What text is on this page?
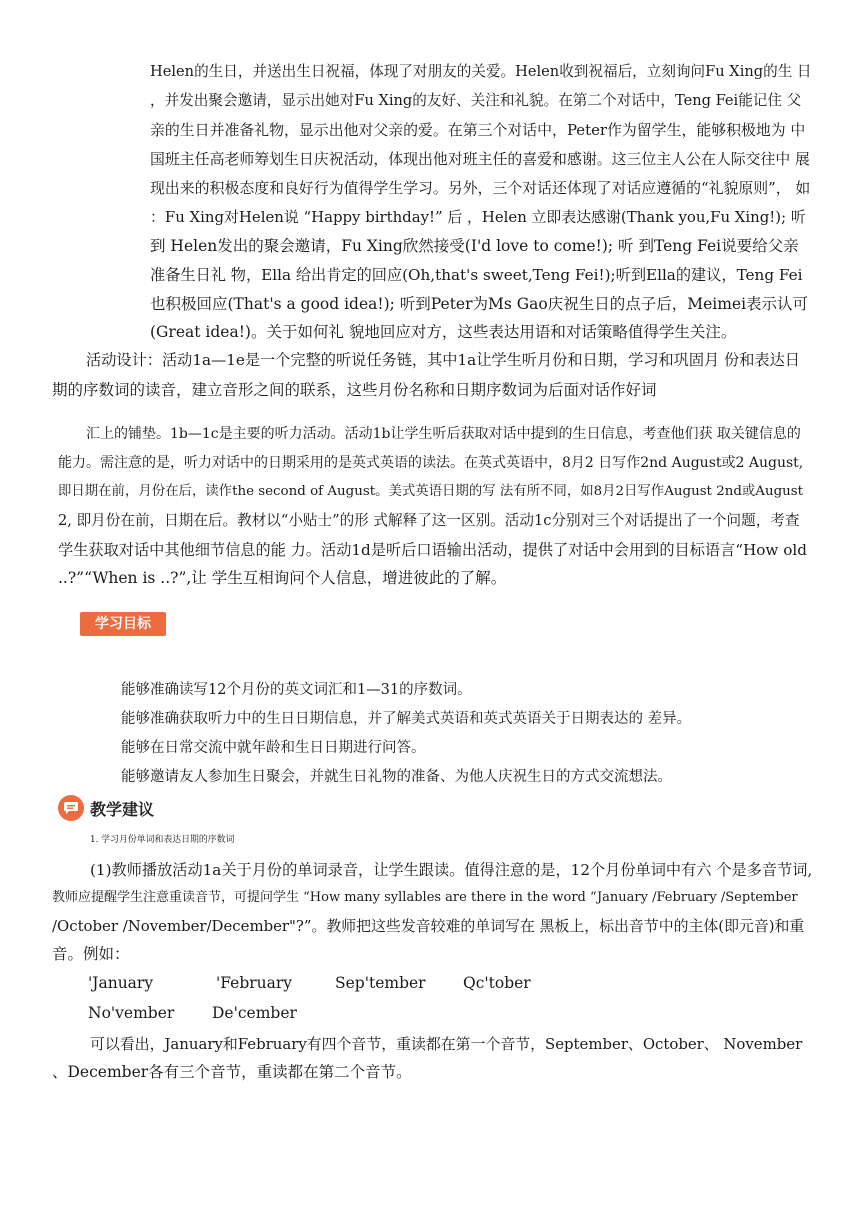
Helen的生日，并送出生日祝福，体现了对朋友的关爱。Helen收到祝福后，立刻询问Fu Xing的生 日
，并发出聚会邀请，显示出她对Fu Xing的友好、关注和礼貌。在第二个对话中，Teng Fei能记住 父
亲的生日并准备礼物，显示出他对父亲的爱。在第三个对话中，Peter作为留学生，能够积极地为 中
国班主任高老师筹划生日庆祝活动，体现出他对班主任的喜爱和感谢。这三位主人公在人际交往中 展
现出来的积极态度和良好行为值得学生学习。另外，三个对话还体现了对话应遵循的“礼貌原则”， 如
：Fu Xing对Helen说 “Happy birthday!” 后 ，Helen 立即表达感谢(Thank you,Fu Xing!); 听
到 Helen发出的聚会邀请，Fu Xing欣然接受(I'd love to come!); 听 到Teng Fei说要给父亲
准备生日礼 物，Ella 给出肯定的回应(Oh,that's sweet,Teng Fei!);听到Ella的建议，Teng Fei
也积极回应(That's a good idea!); 听到Peter为Ms Gao庆祝生日的点子后，Meimei表示认可
(Great idea!)。关于如何礼 貌地回应对方，这些表达用语和对话策略值得学生关注。
活动设计：活动1a—1e是一个完整的听说任务链，其中1a让学生听月份和日期，学习和巩固月 份和表达日
期的序数词的读音，建立音形之间的联系，这些月份名称和日期序数词为后面对话作好词
汇上的铺垫。1b—1c是主要的听力活动。活动1b让学生听后获取对话中提到的生日信息，考查他们获 取关键信息的
能力。需注意的是，听力对话中的日期采用的是英式英语的读法。在英式英语中，8月2 日写作2nd August或2 August,
即日期在前，月份在后，读作the second of August。美式英语日期的写 法有所不同，如8月2日写作August 2nd或August
2, 即月份在前，日期在后。教材以“小贴士”的形 式解释了这一区别。活动1c分别对三个对话提出了一个问题，考查
学生获取对话中其他细节信息的能 力。活动1d是听后口语输出活动，提供了对话中会用到的目标语言“How old
..?”“When is ..?”,让 学生互相询问个人信息，增进彼此的了解。
学习目标
能够准确读写12个月份的英文词汇和1—31的序数词。
能够准确获取听力中的生日日期信息，并了解美式英语和英式英语关于日期表达的 差异。
能够在日常交流中就年龄和生日日期进行问答。
能够邀请友人参加生日聚会，并就生日礼物的准备、为他人庆祝生日的方式交流想法。
教学建议
1. 学习月份单词和表达日期的序数词
(1)教师播放活动1a关于月份的单词录音，让学生跟读。值得注意的是，12个月份单词中有六 个是多音节词,
教师应提醒学生注意重读音节，可提问学生 “How many syllables are there in the word “January /February /September
/October /November/December"?”。教师把这些发音较难的单词写在 黑板上，标出音节中的主体(即元音)和重
音。例如：
'January	'February	Sep'tember Qc'tober
No'vember De'cember
可以看出，January和February有四个音节，重读都在第一个音节，September、October、 November
、December各有三个音节，重读都在第二个音节。
